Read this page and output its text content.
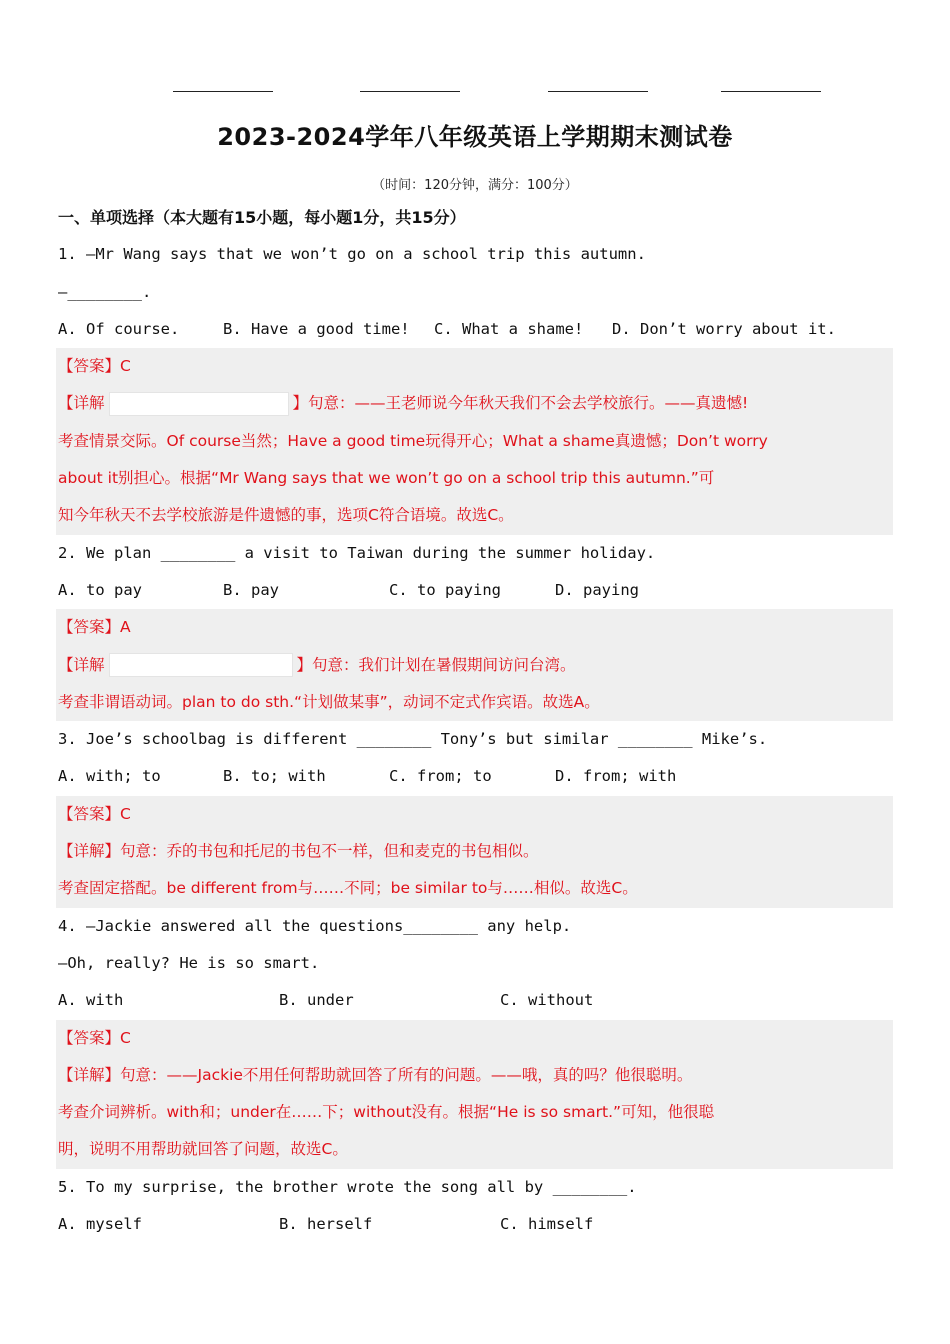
2023-2024学年八年级英语上学期期末测试卷
（时间：120分钟，满分：100分）
一、单项选择（本大题有15小题，每小题1分，共15分）
1. —Mr Wang says that we won’t go on a school trip this autumn.
—________.
A. Of course.	B. Have a good time! C. What a shame! D. Don’t worry about it.
【答案】C
【详解	】句意：——王老师说今年秋天我们不会去学校旅行。——真遗憾!
考查情景交际。Of course当然；Have a good time玩得开心；What a shame真遗憾；Don’t worry
about it别担心。根据“Mr Wang says that we won’t go on a school trip this autumn.”可
知今年秋天不去学校旅游是件遗憾的事，选项C符合语境。故选C。
2. We plan ________ a visit to Taiwan during the summer holiday.
A. to pay	B. pay	C. to paying	D. paying
【答案】A
【详解	】句意：我们计划在暑假期间访问台湾。
考查非谓语动词。plan to do sth.“计划做某事”，动词不定式作宾语。故选A。
3. Joe’s schoolbag is different ________ Tony’s but similar ________ Mike’s.
A. with; to	B. to; with	C. from; to	D. from; with
【答案】C
【详解】句意：乔的书包和托尼的书包不一样，但和麦克的书包相似。
考查固定搭配。be different from与……不同；be similar to与……相似。故选C。
4. —Jackie answered all the questions________ any help.
—Oh, really? He is so smart.
A. with	B. under	C. without
【答案】C
【详解】句意：——Jackie不用任何帮助就回答了所有的问题。——哦，真的吗？他很聪明。
考查介词辨析。with和；under在……下；without没有。根据“He is so smart.”可知，他很聪
明，说明不用帮助就回答了问题，故选C。
5. To my surprise, the brother wrote the song all by ________.
A. myself	B. herself	C. himself
